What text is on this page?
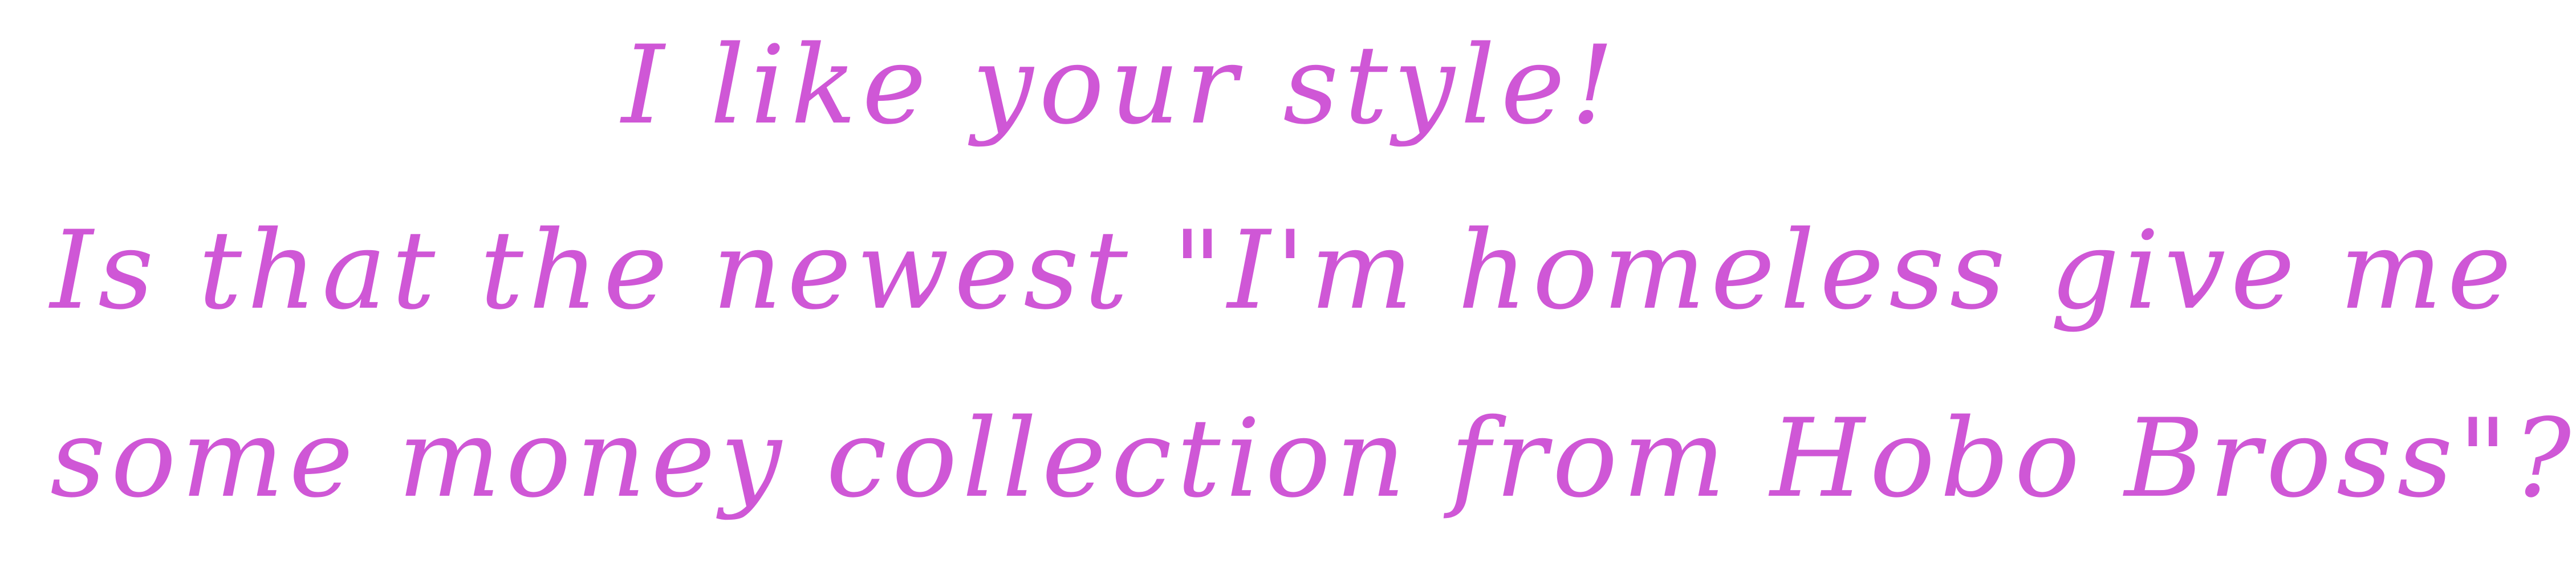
I like your style!
Is that the newest "I'm homeless give me
some money collection from Hobo Bross"?
